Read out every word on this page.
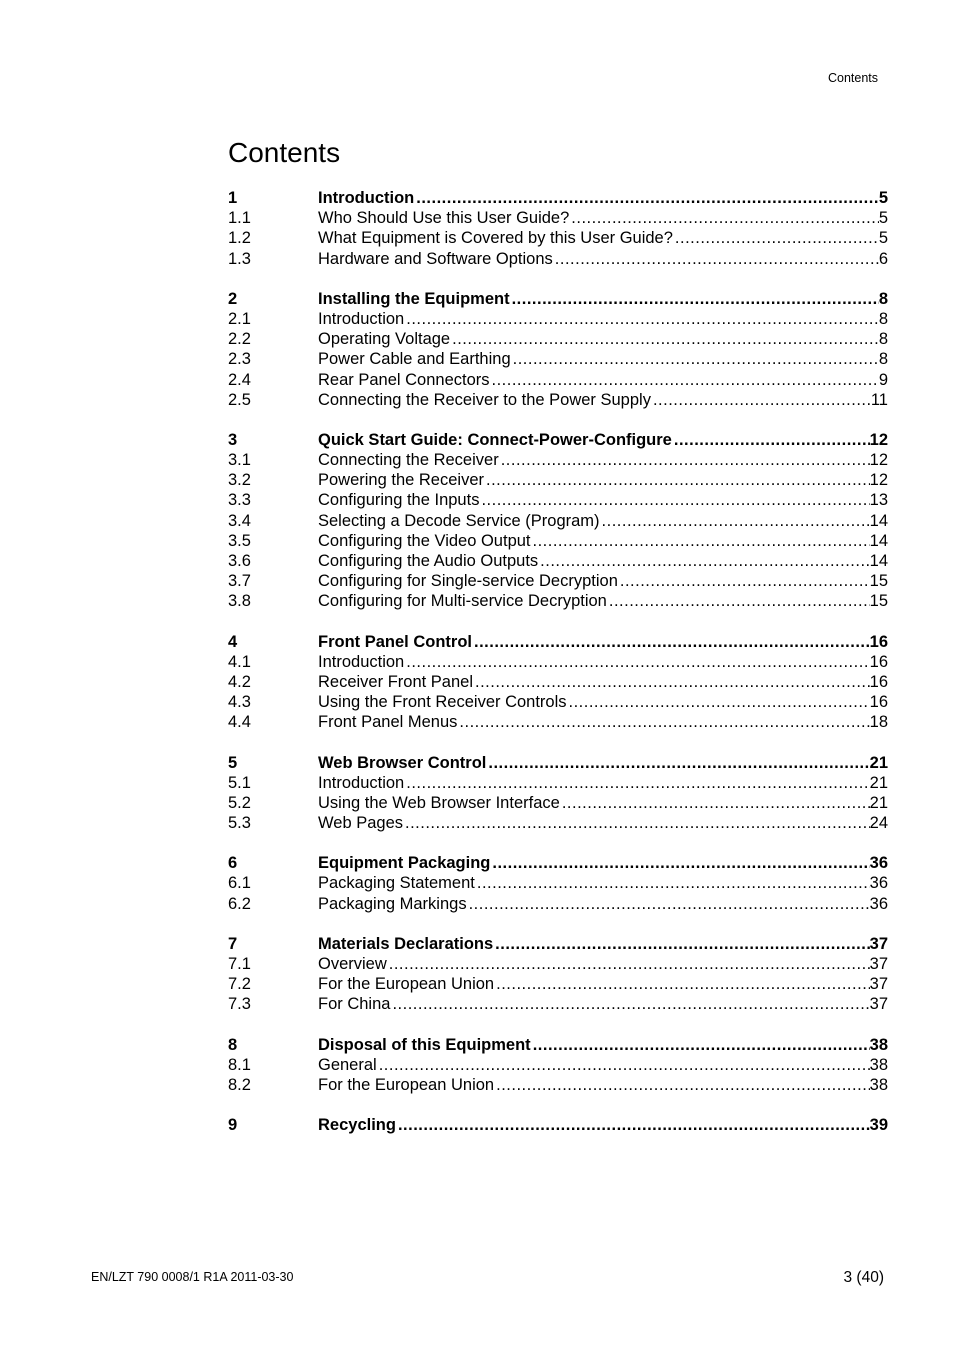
Contents
Contents
1	Introduction .....	5
1.1	Who Should Use this User Guide? .....	5
1.2	What Equipment is Covered by this User Guide? .....	5
1.3	Hardware and Software Options .....	6
2	Installing the Equipment .....	8
2.1	Introduction .....	8
2.2	Operating Voltage .....	8
2.3	Power Cable and Earthing .....	8
2.4	Rear Panel Connectors .....	9
2.5	Connecting the Receiver to the Power Supply .....	11
3	Quick Start Guide: Connect-Power-Configure .....	12
3.1	Connecting the Receiver .....	12
3.2	Powering the Receiver .....	12
3.3	Configuring the Inputs .....	13
3.4	Selecting a Decode Service (Program) .....	14
3.5	Configuring the Video Output .....	14
3.6	Configuring the Audio Outputs .....	14
3.7	Configuring for Single-service Decryption .....	15
3.8	Configuring for Multi-service Decryption .....	15
4	Front Panel Control .....	16
4.1	Introduction .....	16
4.2	Receiver Front Panel .....	16
4.3	Using the Front Receiver Controls .....	16
4.4	Front Panel Menus .....	18
5	Web Browser Control .....	21
5.1	Introduction .....	21
5.2	Using the Web Browser Interface .....	21
5.3	Web Pages .....	24
6	Equipment Packaging .....	36
6.1	Packaging Statement .....	36
6.2	Packaging Markings .....	36
7	Materials Declarations .....	37
7.1	Overview .....	37
7.2	For the European Union .....	37
7.3	For China .....	37
8	Disposal of this Equipment .....	38
8.1	General .....	38
8.2	For the European Union .....	38
9	Recycling .....	39
EN/LZT 790 0008/1 R1A 2011-03-30	3 (40)
